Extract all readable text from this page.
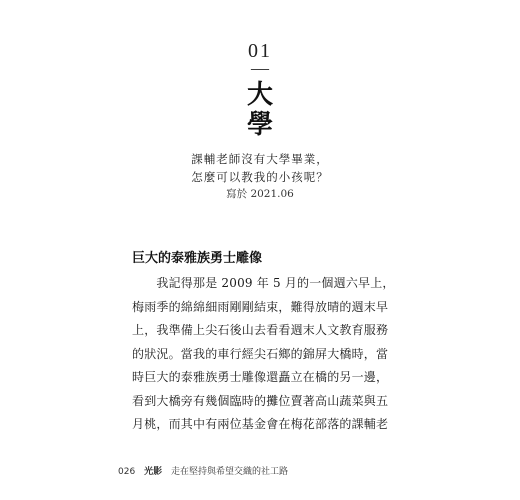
01
—
大
學
課輔老師沒有大學畢業，
怎麼可以教我的小孩呢？
寫於 2021.06
巨大的泰雅族勇士雕像
　　我記得那是 2009 年 5 月的一個週六早上，
梅雨季的綿綿細雨剛剛結束，難得放晴的週末早
上，我準備上尖石後山去看看週末人文教育服務
的狀況。當我的車行經尖石鄉的錦屏大橋時，當
時巨大的泰雅族勇士雕像還矗立在橋的另一邊，
看到大橋旁有幾個臨時的攤位賣著高山蔬菜與五
月桃，而其中有兩位基金會在梅花部落的課輔老
026 光影 走在堅持與希望交織的社工路
